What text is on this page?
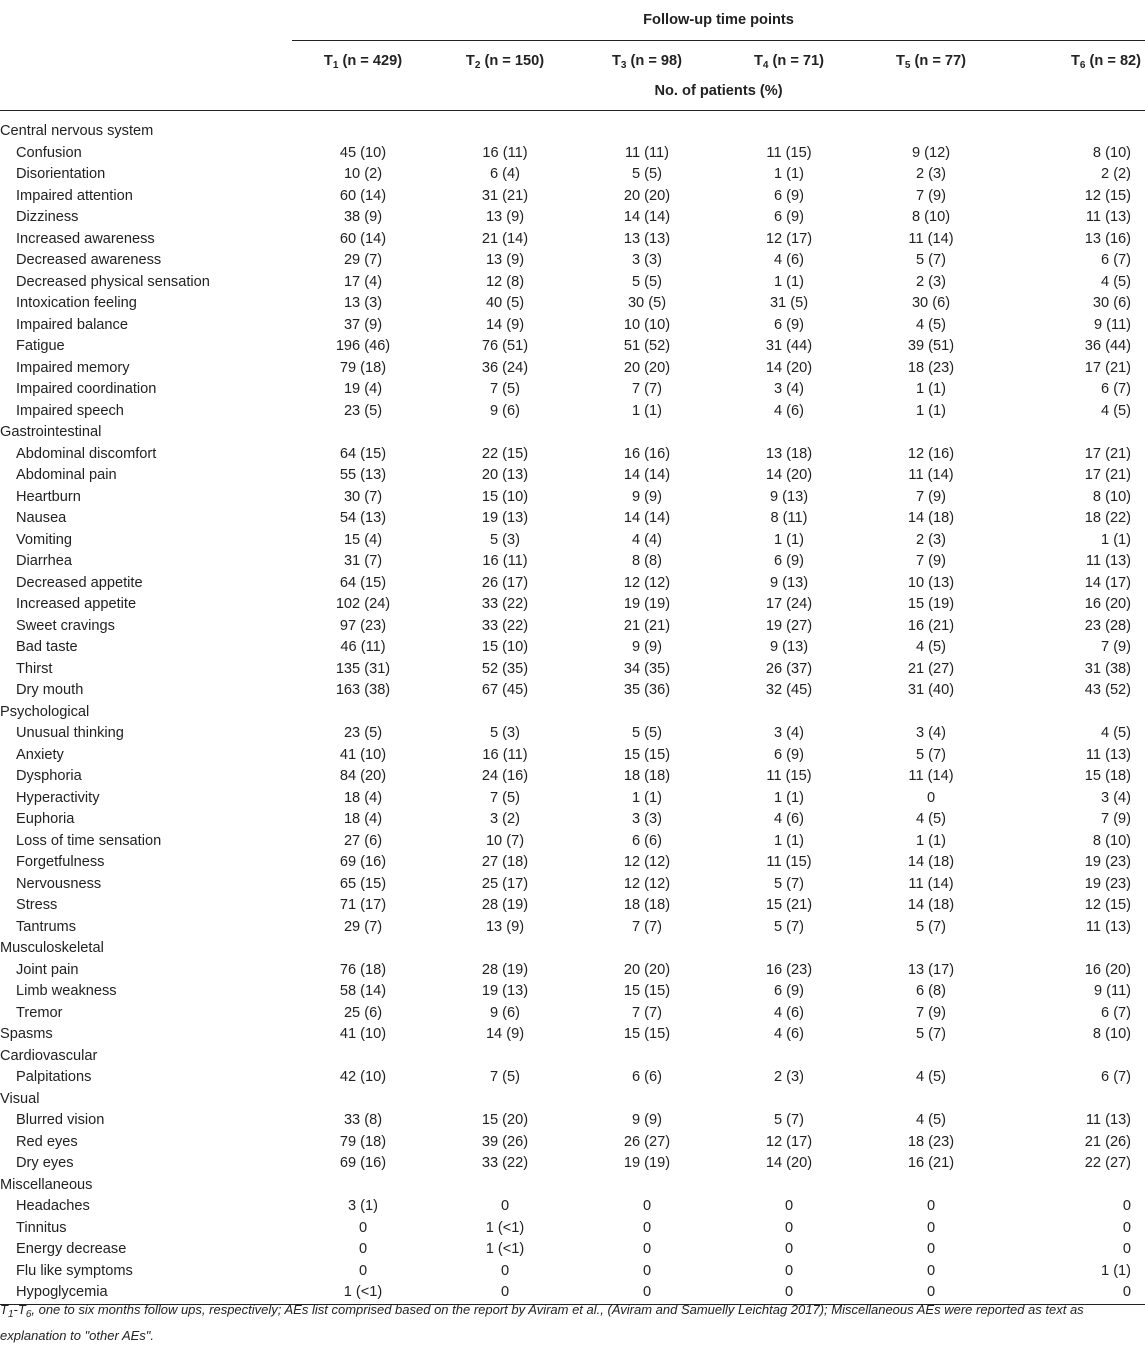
	Follow-up time points					

	$T_1$ (n = 429)	$T_2$ (n = 150)	$T_3$ (n = 98)	$T_4$ (n = 71)	$T_5$ (n = 77)	$T_6$ (n = 82)
	No. of patients (%)					

Central nervous system						
Confusion	45 (10)	16 (11)	11 (11)	11 (15)	9 (12)	8 (10)
Disorientation	10 (2)	6 (4)	5 (5)	1 (1)	2 (3)	2 (2)
Impaired attention	60 (14)	31 (21)	20 (20)	6 (9)	7 (9)	12 (15)
Dizziness	38 (9)	13 (9)	14 (14)	6 (9)	8 (10)	11 (13)
Increased awareness	60 (14)	21 (14)	13 (13)	12 (17)	11 (14)	13 (16)
Decreased awareness	29 (7)	13 (9)	3 (3)	4 (6)	5 (7)	6 (7)
Decreased physical sensation	17 (4)	12 (8)	5 (5)	1 (1)	2 (3)	4 (5)
Intoxication feeling	13 (3)	40 (5)	30 (5)	31 (5)	30 (6)	30 (6)
Impaired balance	37 (9)	14 (9)	10 (10)	6 (9)	4 (5)	9 (11)
Fatigue	196 (46)	76 (51)	51 (52)	31 (44)	39 (51)	36 (44)
Impaired memory	79 (18)	36 (24)	20 (20)	14 (20)	18 (23)	17 (21)
Impaired coordination	19 (4)	7 (5)	7 (7)	3 (4)	1 (1)	6 (7)
Impaired speech	23 (5)	9 (6)	1 (1)	4 (6)	1 (1)	4 (5)
Gastrointestinal						
Abdominal discomfort	64 (15)	22 (15)	16 (16)	13 (18)	12 (16)	17 (21)
Abdominal pain	55 (13)	20 (13)	14 (14)	14 (20)	11 (14)	17 (21)
Heartburn	30 (7)	15 (10)	9 (9)	9 (13)	7 (9)	8 (10)
Nausea	54 (13)	19 (13)	14 (14)	8 (11)	14 (18)	18 (22)
Vomiting	15 (4)	5 (3)	4 (4)	1 (1)	2 (3)	1 (1)
Diarrhea	31 (7)	16 (11)	8 (8)	6 (9)	7 (9)	11 (13)
Decreased appetite	64 (15)	26 (17)	12 (12)	9 (13)	10 (13)	14 (17)
Increased appetite	102 (24)	33 (22)	19 (19)	17 (24)	15 (19)	16 (20)
Sweet cravings	97 (23)	33 (22)	21 (21)	19 (27)	16 (21)	23 (28)
Bad taste	46 (11)	15 (10)	9 (9)	9 (13)	4 (5)	7 (9)
Thirst	135 (31)	52 (35)	34 (35)	26 (37)	21 (27)	31 (38)
Dry mouth	163 (38)	67 (45)	35 (36)	32 (45)	31 (40)	43 (52)
Psychological						
Unusual thinking	23 (5)	5 (3)	5 (5)	3 (4)	3 (4)	4 (5)
Anxiety	41 (10)	16 (11)	15 (15)	6 (9)	5 (7)	11 (13)
Dysphoria	84 (20)	24 (16)	18 (18)	11 (15)	11 (14)	15 (18)
Hyperactivity	18 (4)	7 (5)	1 (1)	1 (1)	0	3 (4)
Euphoria	18 (4)	3 (2)	3 (3)	4 (6)	4 (5)	7 (9)
Loss of time sensation	27 (6)	10 (7)	6 (6)	1 (1)	1 (1)	8 (10)
Forgetfulness	69 (16)	27 (18)	12 (12)	11 (15)	14 (18)	19 (23)
Nervousness	65 (15)	25 (17)	12 (12)	5 (7)	11 (14)	19 (23)
Stress	71 (17)	28 (19)	18 (18)	15 (21)	14 (18)	12 (15)
Tantrums	29 (7)	13 (9)	7 (7)	5 (7)	5 (7)	11 (13)
Musculoskeletal						
Joint pain	76 (18)	28 (19)	20 (20)	16 (23)	13 (17)	16 (20)
Limb weakness	58 (14)	19 (13)	15 (15)	6 (9)	6 (8)	9 (11)
Tremor	25 (6)	9 (6)	7 (7)	4 (6)	7 (9)	6 (7)
Spasms	41 (10)	14 (9)	15 (15)	4 (6)	5 (7)	8 (10)
Cardiovascular						
Palpitations	42 (10)	7 (5)	6 (6)	2 (3)	4 (5)	6 (7)
Visual						
Blurred vision	33 (8)	15 (20)	9 (9)	5 (7)	4 (5)	11 (13)
Red eyes	79 (18)	39 (26)	26 (27)	12 (17)	18 (23)	21 (26)
Dry eyes	69 (16)	33 (22)	19 (19)	14 (20)	16 (21)	22 (27)
Miscellaneous						
Headaches	3 (1)	0	0	0	0	0
Tinnitus	0	1 (<1)	0	0	0	0
Energy decrease	0	1 (<1)	0	0	0	0
Flu like symptoms	0	0	0	0	0	1 (1)
Hypoglycemia	1 (<1)	0	0	0	0	0
$T_1-T_6$, one to six months follow ups, respectively; AEs list comprised based on the report by Aviram et al., (Aviram and Samuelly Leichtag 2017); Miscellaneous AEs were reported as text as explanation to "other AEs".
